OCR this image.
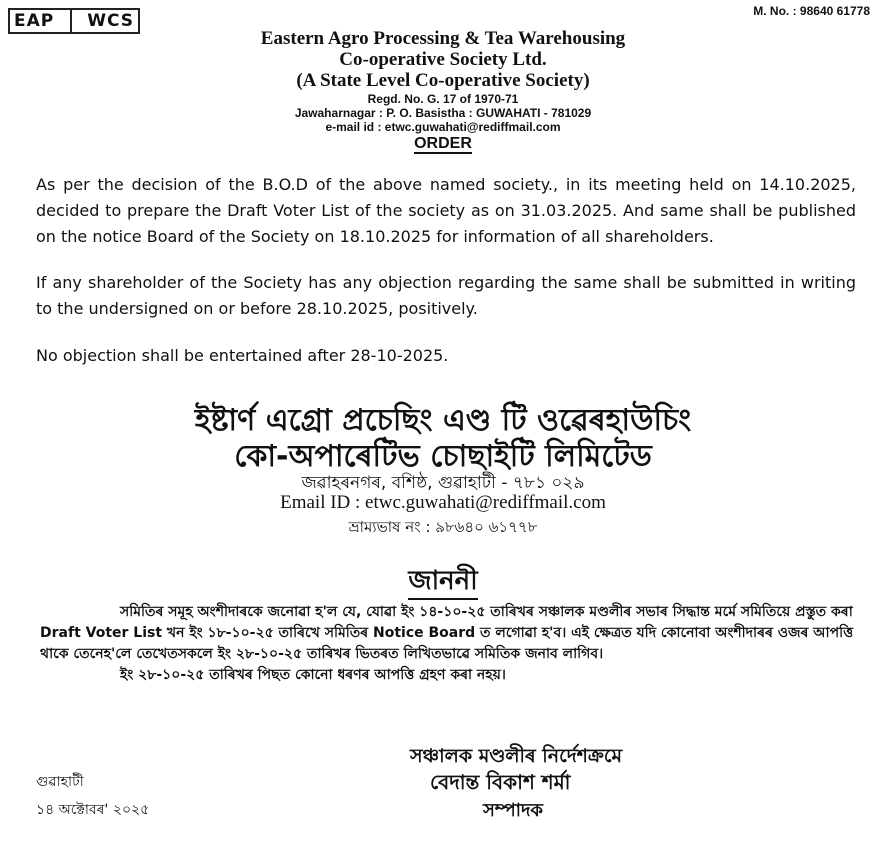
EAP WCS	M. No. : 98640 61778
Eastern Agro Processing & Tea Warehousing
Co-operative Society Ltd.
(A State Level Co-operative Society)
Regd. No. G. 17 of 1970-71
Jawaharnagar : P. O. Basistha : GUWAHATI - 781029
e-mail id : etwc.guwahati@rediffmail.com
ORDER
As per the decision of the B.O.D of the above named society., in its meeting held on 14.10.2025, decided to prepare the Draft Voter List of the society as on 31.03.2025. And same shall be published on the notice Board of the Society on 18.10.2025 for information of all shareholders.
If any shareholder of the Society has any objection regarding the same shall be submitted in writing to the undersigned on or before 28.10.2025, positively.
No objection shall be entertained after 28-10-2025.
ইষ্টাৰ্ণ এগ্ৰো প্ৰচেছিং এণ্ড টি ওৱেৰহাউচিং
কো-অপাৰেটিভ চোছাইটি লিমিটেড
জৱাহৰনগৰ, বশিষ্ঠ, গুৱাহাটী - ৭৮১ ০২৯
Email ID : etwc.guwahati@rediffmail.com
ভ্ৰাম্যভাষ নং : ৯৮৬৪০ ৬১৭৭৮
জাননী

সমিতিৰ সমূহ অংশীদাৰকে জনোৱা হ'ল যে, যোৱা ইং ১৪-১০-২৫ তাৰিখৰ সঞ্চালক মণ্ডলীৰ সভাৰ সিদ্ধান্ত মৰ্মে সমিতিয়ে প্ৰস্তুত কৰা Draft Voter List খন ইং ১৮-১০-২৫ তাৰিখে সমিতিৰ Notice Board ত লগোৱা হ'ব। এই ক্ষেত্ৰত যদি কোনোবা অংশীদাৰৰ ওজৰ আপত্তি থাকে তেনেহ'লে তেখেতসকলে ইং ২৮-১০-২৫ তাৰিখৰ ভিতৰত লিখিতভাৱে সমিতিক জনাব লাগিব।

ইং ২৮-১০-২৫ তাৰিখৰ পিছত কোনো ধৰণৰ আপত্তি গ্ৰহণ কৰা নহয়।

সঞ্চালক মণ্ডলীৰ নিৰ্দেশক্ৰমে
বেদান্ত বিকাশ শৰ্মা
সম্পাদক
গুৱাহাটী
১৪ অক্টোবৰ' ২০২৫
